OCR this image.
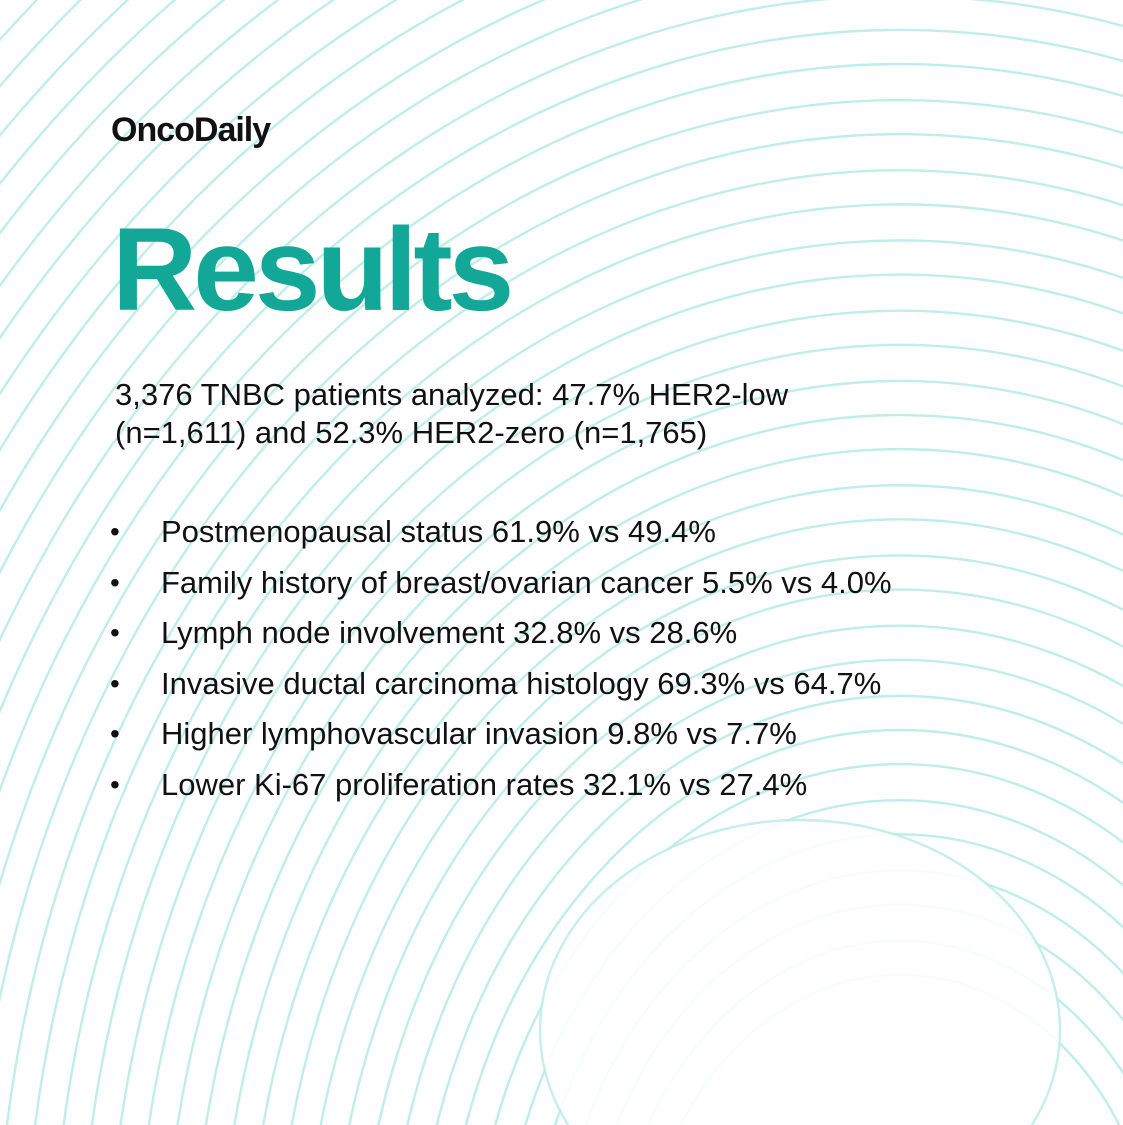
OncoDaily
Results
3,376 TNBC patients analyzed: 47.7% HER2-low
(n=1,611) and 52.3% HER2-zero (n=1,765)
•	Postmenopausal status 61.9% vs 49.4%
•	Family history of breast/ovarian cancer 5.5% vs 4.0%
•	Lymph node involvement 32.8% vs 28.6%
•	Invasive ductal carcinoma histology 69.3% vs 64.7%
•	Higher lymphovascular invasion 9.8% vs 7.7%
•	Lower Ki-67 proliferation rates 32.1% vs 27.4%
